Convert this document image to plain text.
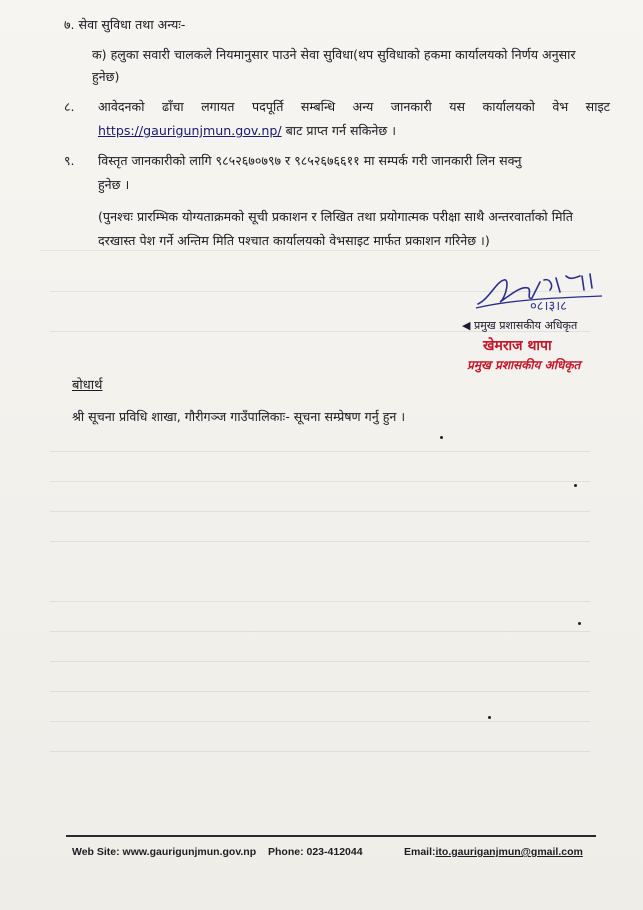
७. सेवा सुविधा तथा अन्यः-
क) हलुका सवारी चालकले नियमानुसार पाउने सेवा सुविधा(थप सुविधाको हकमा कार्यालयको निर्णय अनुसार
हुनेछ)
८. आवेदनको ढाँचा लगायत पदपूर्ति सम्बन्धि अन्य जानकारी यस कार्यालयको वेभ साइट
https://gaurigunjmun.gov.np/ बाट प्राप्त गर्न सकिनेछ ।
९. विस्तृत जानकारीको लागि ९८५२६७०७९७ र ९८५२६७६६११ मा सम्पर्क गरी जानकारी लिन सक्नु
हुनेछ ।
(पुनश्चः प्रारम्भिक योग्यताक्रमको सूची प्रकाशन र लिखित तथा प्रयोगात्मक परीक्षा साथै अन्तरवार्ताको मिति
दरखास्त पेश गर्ने अन्तिम मिति पश्चात कार्यालयको वेभसाइट मार्फत प्रकाशन गरिनेछ ।)
०८।३।८
◀ प्रमुख प्रशासकीय अधिकृत
खेमराज थापा
प्रमुख प्रशासकीय अधिकृत
बोधार्थ
श्री सूचना प्रविधि शाखा, गौरीगञ्ज गाउँपालिकाः- सूचना सम्प्रेषण गर्नु हुन ।
Web Site: www.gaurigunjmun.gov.np Phone: 023-412044	Email:ito.gauriganjmun@gmail.com
